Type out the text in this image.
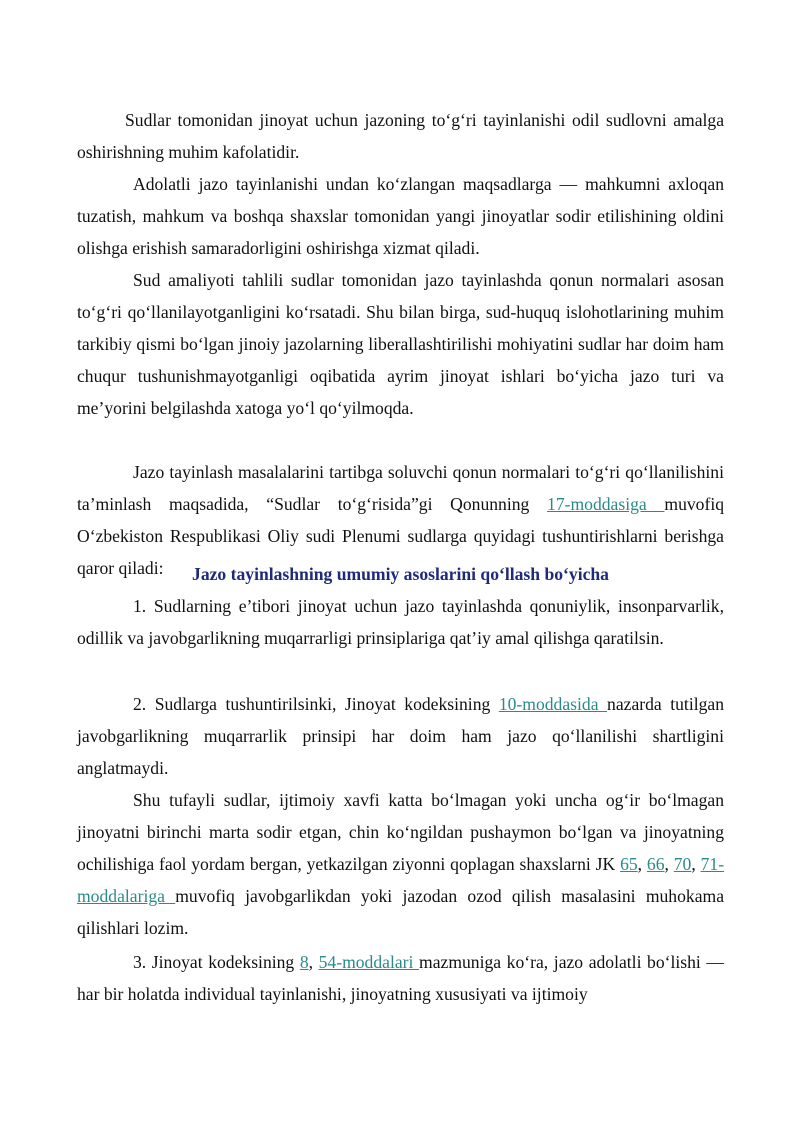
Sudlar tomonidan jinoyat uchun jazoning toʻgʻri tayinlanishi odil sudlovni amalga oshirishning muhim kafolatidir.

Adolatli jazo tayinlanishi undan koʻzlangan maqsadlarga — mahkumni axloqan tuzatish, mahkum va boshqa shaxslar tomonidan yangi jinoyatlar sodir etilishining oldini olishga erishish samaradorligini oshirishga xizmat qiladi.

Sud amaliyoti tahlili sudlar tomonidan jazo tayinlashda qonun normalari asosan toʻgʻri qoʻllanilayotganligini koʻrsatadi. Shu bilan birga, sud-huquq islohotlarining muhim tarkibiy qismi boʻlgan jinoiy jazolarning liberallashtirilishi mohiyatini sudlar har doim ham chuqur tushunishmayotganligi oqibatida ayrim jinoyat ishlari boʻyicha jazo turi va me’yorini belgilashda xatoga yoʻl qoʻyilmoqda.

Jazo tayinlash masalalarini tartibga soluvchi qonun normalari toʻgʻri qoʻllanilishini ta’minlash maqsadida, “Sudlar toʻgʻrisida”gi Qonunning 17-moddasiga muvofiq Oʻzbekiston Respublikasi Oliy sudi Plenumi sudlarga quyidagi tushuntirishlarni berishga qaror qiladi:	Jazo tayinlashning umumiy asoslarini qoʻllash boʻyicha

1. Sudlarning e’tibori jinoyat uchun jazo tayinlashda qonuniylik, insonparvarlik, odillik va javobgarlikning muqarrarligi prinsiplariga qat’iy amal qilishga qaratilsin.

2. Sudlarga tushuntirilsinki, Jinoyat kodeksining 10-moddasida nazarda tutilgan javobgarlikning muqarrarlik prinsipi har doim ham jazo qoʻllanilishi shartligini anglatmaydi.

Shu tufayli sudlar, ijtimoiy xavfi katta boʻlmagan yoki uncha ogʻir boʻlmagan jinoyatni birinchi marta sodir etgan, chin koʻngildan pushaymon boʻlgan va jinoyatning ochilishiga faol yordam bergan, yetkazilgan ziyonni qoplagan shaxslarni JK 65, 66, 70, 71-moddalariga muvofiq javobgarlikdan yoki jazodan ozod qilish masalasini muhokama qilishlari lozim.

3. Jinoyat kodeksining 8, 54-moddalari mazmuniga koʻra, jazo adolatli boʻlishi — har bir holatda individual tayinlanishi, jinoyatning xususiyati va ijtimoiy
